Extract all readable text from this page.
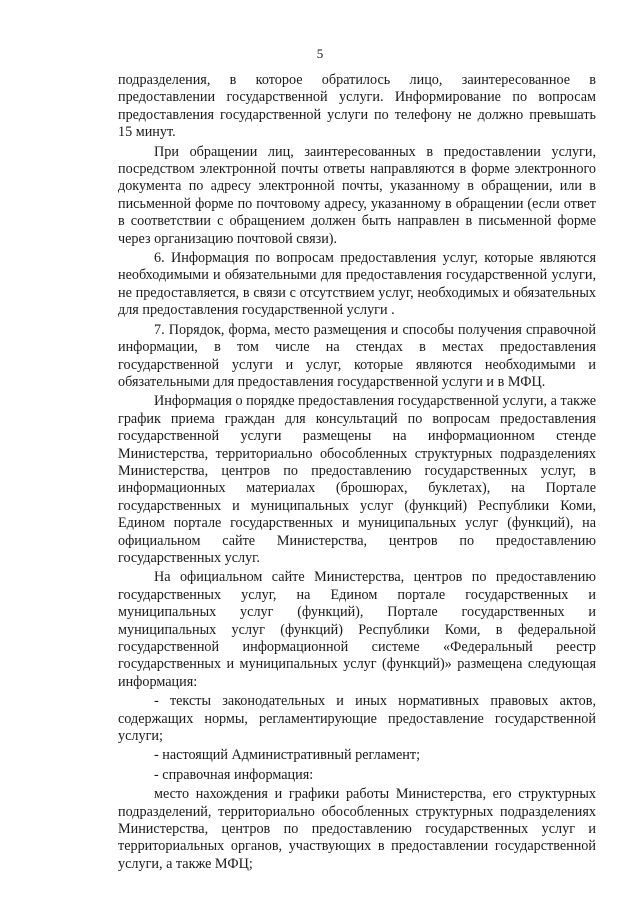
5

подразделения, в которое обратилось лицо, заинтересованное в предоставлении государственной услуги. Информирование по вопросам предоставления государственной услуги по телефону не должно превышать 15 минут.

При обращении лиц, заинтересованных в предоставлении услуги, посредством электронной почты ответы направляются в форме электронного документа по адресу электронной почты, указанному в обращении, или в письменной форме по почтовому адресу, указанному в обращении (если ответ в соответствии с обращением должен быть направлен в письменной форме через организацию почтовой связи).

6. Информация по вопросам предоставления услуг, которые являются необходимыми и обязательными для предоставления государственной услуги, не предоставляется, в связи с отсутствием услуг, необходимых и обязательных для предоставления государственной услуги .

7. Порядок, форма, место размещения и способы получения справочной информации, в том числе на стендах в местах предоставления государственной услуги и услуг, которые являются необходимыми и обязательными для предоставления государственной услуги и в МФЦ.

Информация о порядке предоставления государственной услуги, а также график приема граждан для консультаций по вопросам предоставления государственной услуги размещены на информационном стенде Министерства, территориально обособленных структурных подразделениях Министерства, центров по предоставлению государственных услуг, в информационных материалах (брошюрах, буклетах), на Портале государственных и муниципальных услуг (функций) Республики Коми, Едином портале государственных и муниципальных услуг (функций), на официальном сайте Министерства, центров по предоставлению государственных услуг.

На официальном сайте Министерства, центров по предоставлению государственных услуг, на Едином портале государственных и муниципальных услуг (функций), Портале государственных и муниципальных услуг (функций) Республики Коми, в федеральной государственной информационной системе «Федеральный реестр государственных и муниципальных услуг (функций)» размещена следующая информация:

- тексты законодательных и иных нормативных правовых актов, содержащих нормы, регламентирующие предоставление государственной услуги;

- настоящий Административный регламент;

- справочная информация:

место нахождения и графики работы Министерства, его структурных подразделений, территориально обособленных структурных подразделениях Министерства, центров по предоставлению государственных услуг и территориальных органов, участвующих в предоставлении государственной услуги, а также МФЦ;
